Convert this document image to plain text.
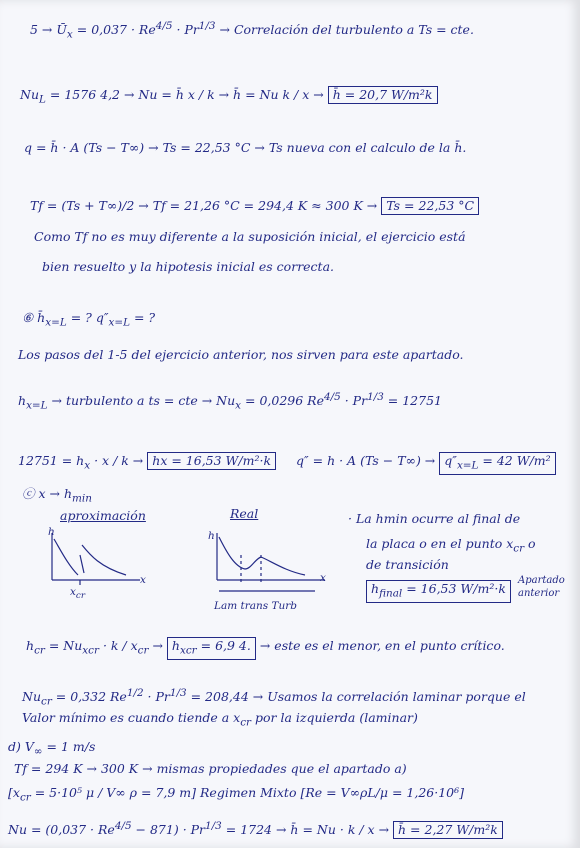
$5 \to Ū_x = 0,037 \cdot Re^{4/5} \cdot Pr^{1/3}$ → Correlación del turbulento a Ts = cte.
$Nu_L = 1576$ 4,2 → Nu = h̄ x / k → h̄ = Nu k / x → h̄ = 20,7 W/m²k
q = h̄ · A (Ts − T∞) → Ts = 22,53 °C → Ts nueva con el calculo de la h̄.
Tf = (Ts + T∞)/2 → Tf = 21,26 °C = 294,4 K ≈ 300 K → Ts = 22,53 °C
Como Tf no es muy diferente a la suposición inicial, el ejercicio está
bien resuelto y la hipotesis inicial es correcta.
⑥ $h̄_{x=L}$ = ? $q''_{x=L}$ = ?
Los pasos del 1-5 del ejercicio anterior, nos sirven para este apartado.
$h_{x=L}$ → turbulento a ts = cte → $Nu_x = 0,0296$ $Re^{4/5} \cdot Pr^{1/3} = 12751$
$12751 = h_x \cdot x / k$ → hx = 16,53 W/m²·k q″ = h · A $(Ts - T\infty) \to q''_{x=L} = 42$ W/m²
ⓒ $x \to h_{min}$
aproximación	Real	· La hmin ocurre al final de
la placa o en el punto $x_{cr}$ o
de transición
$h_{final} = 16,53$ W/m²·k
Apartado
anterior
h
x
$x_{cr}$
h
x
Lam trans Turb
$h_{cr} = Nu_{xcr} \cdot k / x_{cr} \to h_{xcr} = 6,9$ 4. → este es el menor, en el punto crítico.
$Nu_{cr} = 0,332$ $Re^{1/2} \cdot Pr^{1/3} = 208,44$ → Usamos la correlación laminar porque el
Valor mínimo es cuando tiende a $x_{cr}$ por la izquierda (laminar)
d) $V_\infty = 1$ m/s
Tf = 294 K → 300 K → mismas propiedades que el apartado a)
[$x_{cr} = 5\cdot 10^5$ μ / V∞ ρ = 7,9 m] Regimen Mixto [Re = V∞ρL/μ = 1,26·10⁶]
$Nu = (0,037 \cdot Re^{4/5} - 871) \cdot Pr^{1/3} = 1724$ → h̄ = Nu · k / x → h̄ = 2,27 W/m²k
